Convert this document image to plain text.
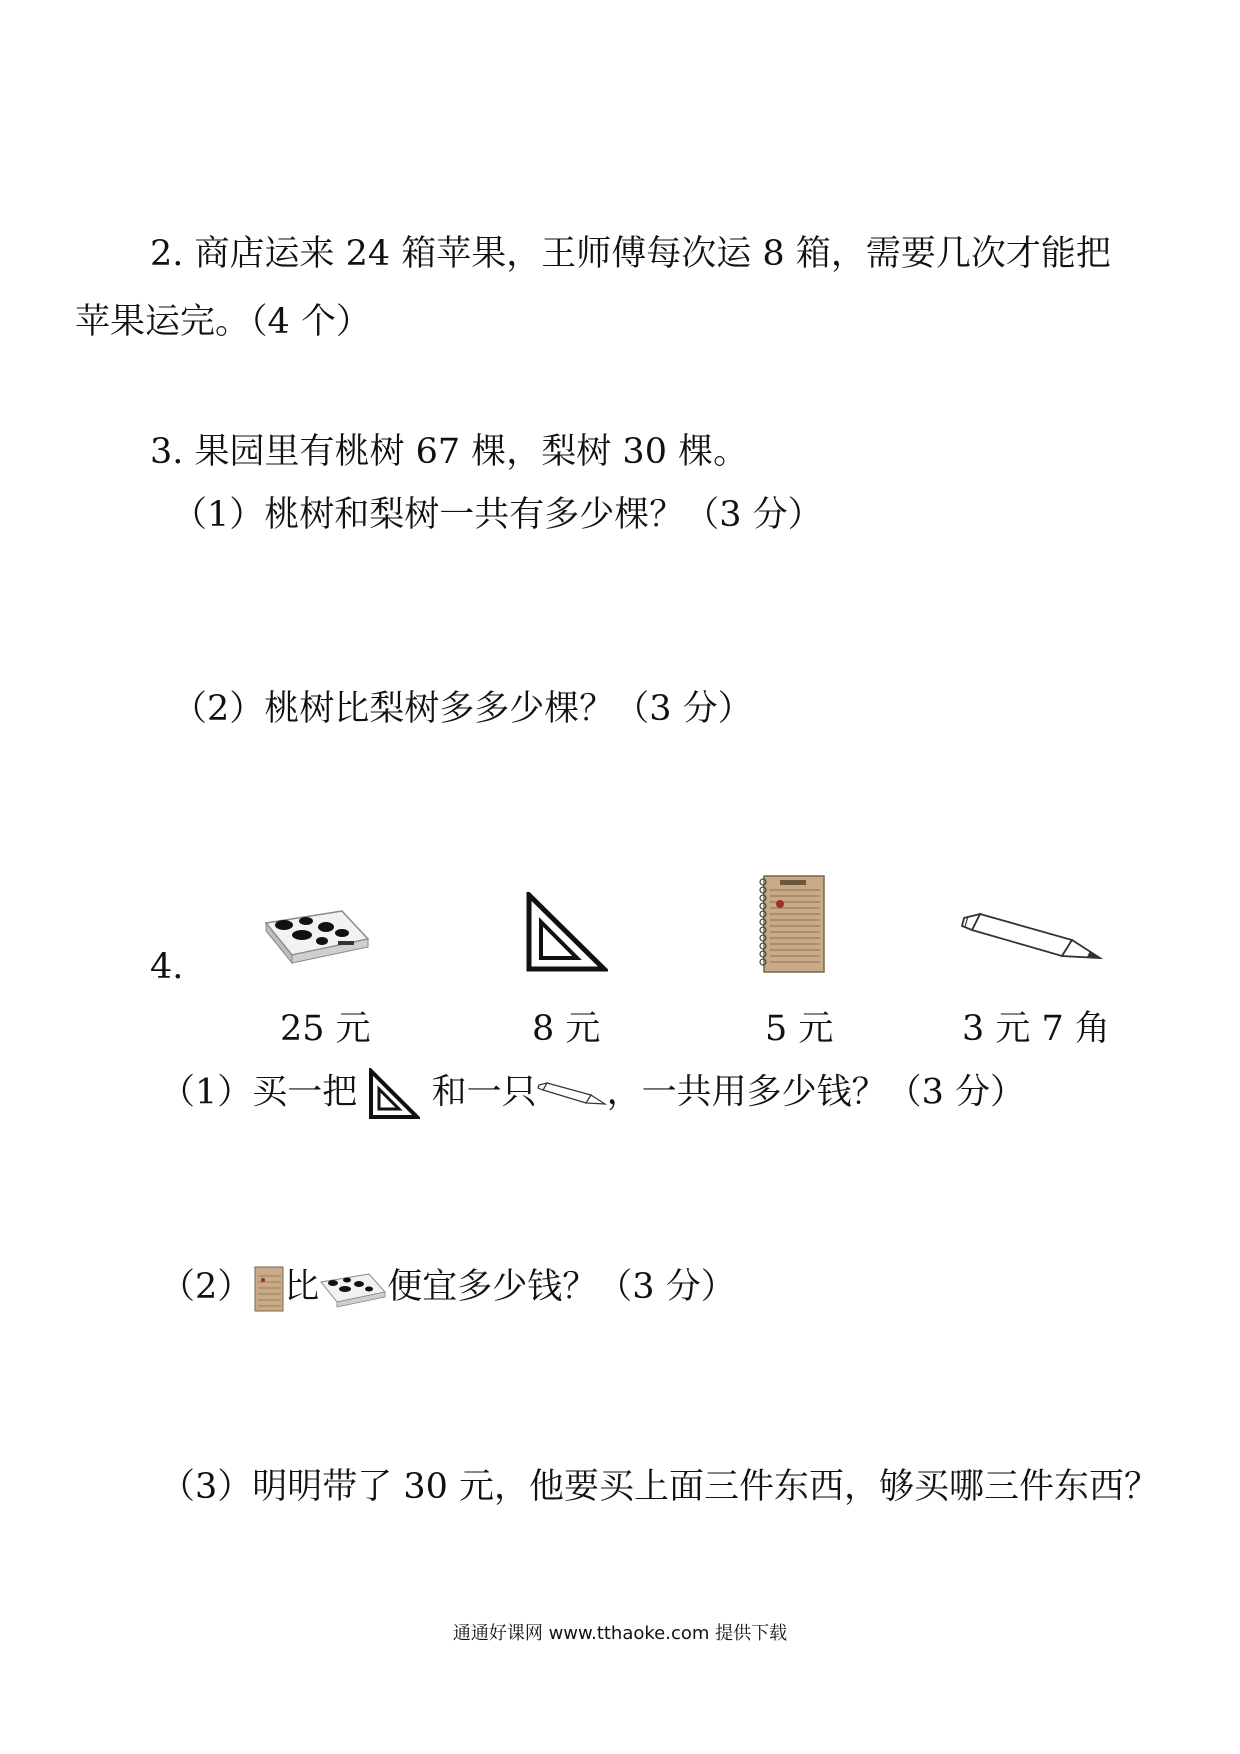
2. 商店运来 24 箱苹果，王师傅每次运 8 箱，需要几次才能把
苹果运完。（4 个）
3. 果园里有桃树 67 棵，梨树 30 棵。
（1）桃树和梨树一共有多少棵？（3 分）
（2）桃树比梨树多多少棵？（3 分）
4.
25 元	8 元	5 元	3 元 7 角
（1）买一把 和一只 ，一共用多少钱？（3 分）
（2） 比 便宜多少钱？（3 分）
（3）明明带了 30 元，他要买上面三件东西，够买哪三件东西？
通通好课网 www.tthaoke.com 提供下载
